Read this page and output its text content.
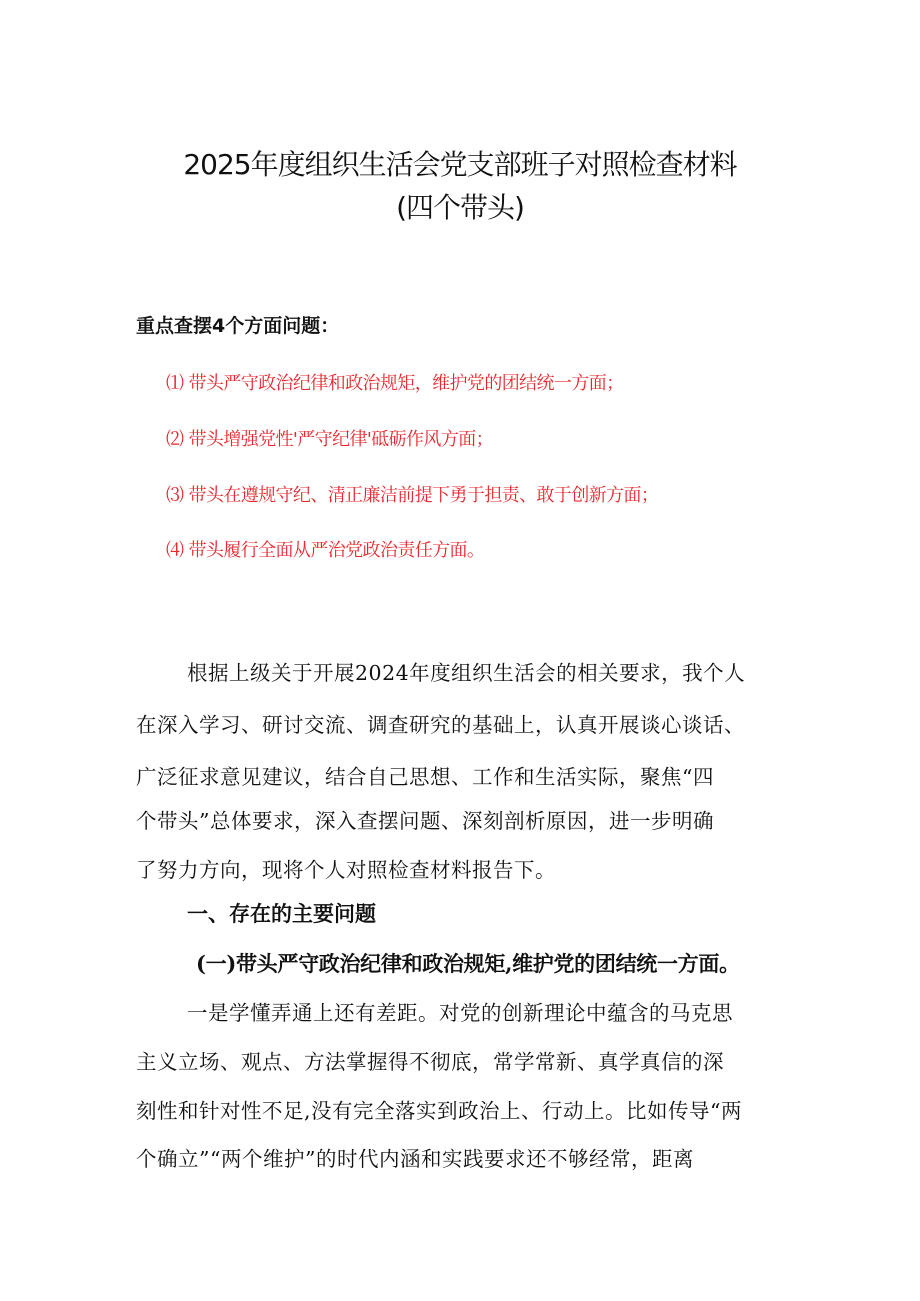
2025年度组织生活会党支部班子对照检查材料
(四个带头)
重点查摆4个方面问题：
⑴ 带头严守政治纪律和政治规矩，维护党的团结统一方面；
⑵ 带头增强党性'严守纪律'砥砺作风方面；
⑶ 带头在遵规守纪、清正廉洁前提下勇于担责、敢于创新方面；
⑷ 带头履行全面从严治党政治责任方面。
根据上级关于开展2024年度组织生活会的相关要求，我个人
在深入学习、研讨交流、调查研究的基础上，认真开展谈心谈话、
广泛征求意见建议，结合自己思想、工作和生活实际，聚焦“四
个带头”总体要求，深入查摆问题、深刻剖析原因，进一步明确
了努力方向，现将个人对照检查材料报告下。
一、存在的主要问题
(一)带头严守政治纪律和政治规矩,维护党的团结统一方面。
一是学懂弄通上还有差距。对党的创新理论中蕴含的马克思
主义立场、观点、方法掌握得不彻底，常学常新、真学真信的深
刻性和针对性不足,没有完全落实到政治上、行动上。比如传导“两
个确立”“两个维护”的时代内涵和实践要求还不够经常，距离
